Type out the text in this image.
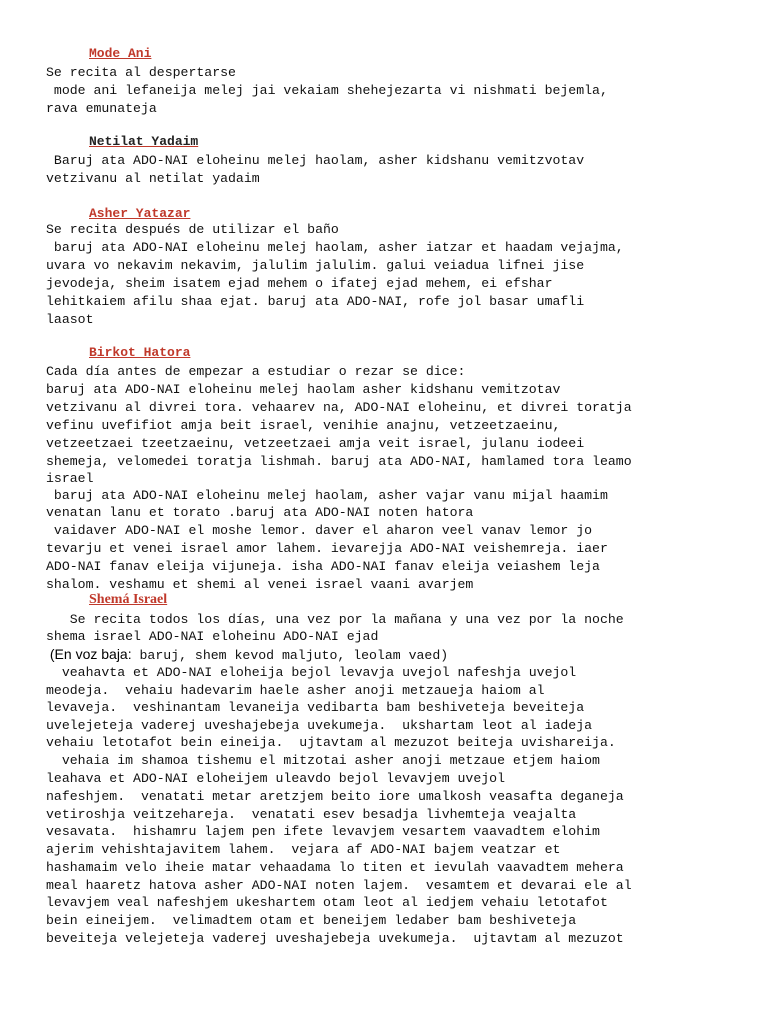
Mode Ani
Se recita al despertarse
mode ani lefaneija melej jai vekaiam shehejezarta vi nishmati bejemla,
rava emunateja
Netilat Yadaim
Baruj ata ADO-NAI eloheinu melej haolam, asher kidshanu vemitzvotav
vetzivanu al netilat yadaim
Asher Yatazar
Se recita después de utilizar el baño
baruj ata ADO-NAI eloheinu melej haolam, asher iatzar et haadam vejajma,
uvara vo nekavim nekavim, jalulim jalulim. galui veiadua lifnei jise
jevodeja, sheim isatem ejad mehem o ifatej ejad mehem, ei efshar
lehitkaiem afilu shaa ejat. baruj ata ADO-NAI, rofe jol basar umafli
laasot
Birkot Hatora
Cada día antes de empezar a estudiar o rezar se dice:
baruj ata ADO-NAI eloheinu melej haolam asher kidshanu vemitzotav
vetzivanu al divrei tora. vehaarev na, ADO-NAI eloheinu, et divrei toratja
vefinu uvefifiot amja beit israel, venihie anajnu, vetzeetzaeinu,
vetzeetzaei tzeetzaeinu, vetzeetzaei amja veit israel, julanu iodeei
shemeja, velomedei toratja lishmah. baruj ata ADO-NAI, hamlamed tora leamo
israel
baruj ata ADO-NAI eloheinu melej haolam, asher vajar vanu mijal haamim
venatan lanu et torato .baruj ata ADO-NAI noten hatora
vaidaver ADO-NAI el moshe lemor. daver el aharon veel vanav lemor jo
tevarju et venei israel amor lahem. ievarejja ADO-NAI veishemreja. iaer
ADO-NAI fanav eleija vijuneja. isha ADO-NAI fanav eleija veiashem leja
shalom. veshamu et shemi al venei israel vaani avarjem
Shemá Israel
Se recita todos los días, una vez por la mañana y una vez por la noche
shema israel ADO-NAI eloheinu ADO-NAI ejad
(En voz baja: baruj, shem kevod maljuto, leolam vaed)
veahavta et ADO-NAI eloheija bejol levavja uvejol nafeshja uvejol
meodeja.  vehaiu hadevarim haele asher anoji metzaueja haiom al
levaveja.  veshinantam levaneija vedibarta bam beshiveteja beveiteja
uvelejeteja vaderej uveshajebeja uvekumeja.  ukshartam leot al iadeja
vehaiu letotafot bein eineija.  ujtavtam al mezuzot beiteja uvishareija.
vehaia im shamoa tishemu el mitzotai asher anoji metzaue etjem haiom
leahava et ADO-NAI eloheijem uleavdo bejol levavjem uvejol
nafeshjem.  venatati metar aretzjem beito iore umalkosh veasafta deganeja
vetiroshja veitzehareja.  venatati esev besadja livhemteja veajalta
vesavata.  hishamru lajem pen ifete levavjem vesartem vaavadtem elohim
ajerim vehishtajavitem lahem.  vejara af ADO-NAI bajem veatzar et
hashamaim velo iheie matar vehaadama lo titen et ievulah vaavadtem mehera
meal haaretz hatova asher ADO-NAI noten lajem.  vesamtem et devarai ele al
levavjem veal nafeshjem ukeshartem otam leot al iedjem vehaiu letotafot
bein eineijem.  velimadtem otam et beneijem ledaber bam beshiveteja
beveiteja velejeteja vaderej uveshajebeja uvekumeja.  ujtavtam al mezuzot
